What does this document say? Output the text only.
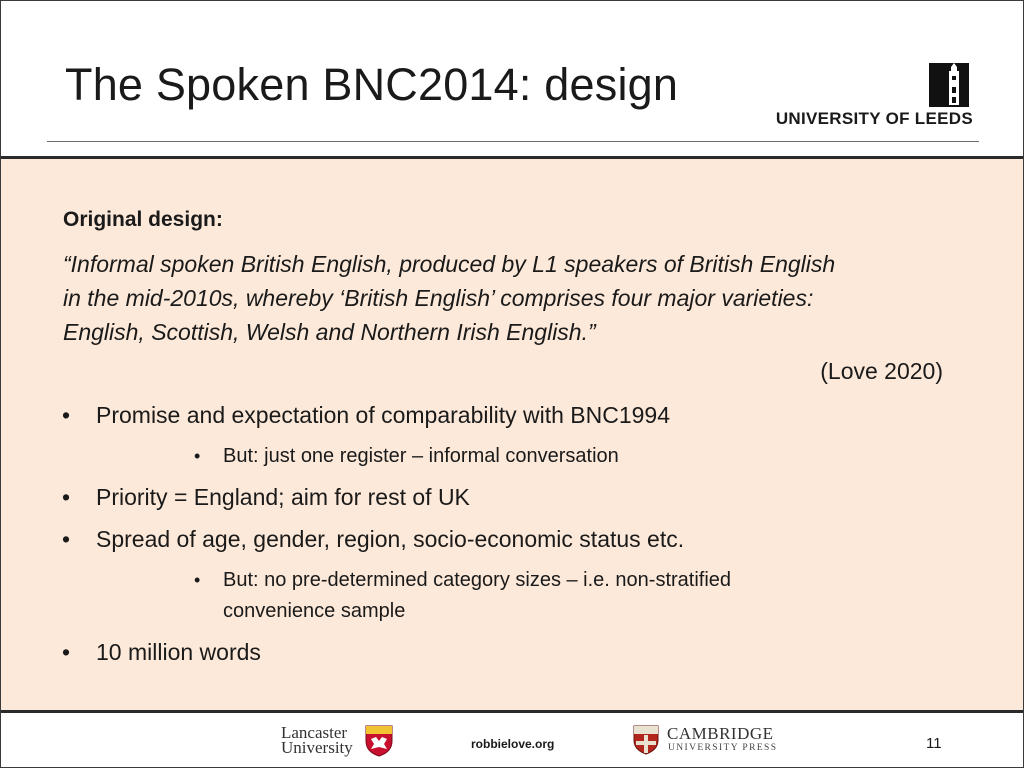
The Spoken BNC2014: design
UNIVERSITY OF LEEDS
Original design:
“Informal spoken British English, produced by L1 speakers of British English
in the mid-2010s, whereby ‘British English’ comprises four major varieties:
English, Scottish, Welsh and Northern Irish English.”
(Love 2020)
• Promise and expectation of comparability with BNC1994
• But: just one register – informal conversation
• Priority = England; aim for rest of UK
• Spread of age, gender, region, socio-economic status etc.
• But: no pre-determined category sizes – i.e. non-stratified
convenience sample
• 10 million words
Lancaster
University	robbielove.org
CAMBRIDGE
UNIVERSITY PRESS	11
